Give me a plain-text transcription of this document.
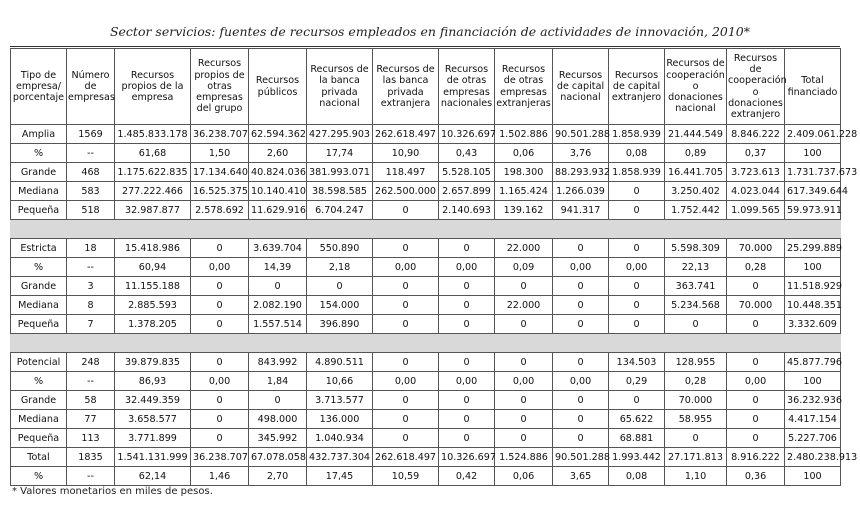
Sector servicios: fuentes de recursos empleados en financiación de actividades de innovación, 2010*
Tipo de empresa/ porcentaje	Número de empresas	Recursos propios de la empresa	Recursos propios de otras empresas del grupo	Recursos públicos	Recursos de la banca privada nacional	Recursos de las banca privada extranjera	Recursos de otras empresas nacionales	Recursos de otras empresas extranjeras	Recursos de capital nacional	Recursos de capital extranjero	Recursos de cooperación o donaciones nacional	Recursos de cooperación o donaciones extranjero	Total financiado
Amplia	1569	1.485.833.178	36.238.707	62.594.362	427.295.903	262.618.497	10.326.697	1.502.886	90.501.288	1.858.939	21.444.549	8.846.222	2.409.061.228
%	--	61,68	1,50	2,60	17,74	10,90	0,43	0,06	3,76	0,08	0,89	0,37	100
Grande	468	1.175.622.835	17.134.640	40.824.036	381.993.071	118.497	5.528.105	198.300	88.293.932	1.858.939	16.441.705	3.723.613	1.731.737.673
Mediana	583	277.222.466	16.525.375	10.140.410	38.598.585	262.500.000	2.657.899	1.165.424	1.266.039	0	3.250.402	4.023.044	617.349.644
Pequeña	518	32.987.877	2.578.692	11.629.916	6.704.247	0	2.140.693	139.162	941.317	0	1.752.442	1.099.565	59.973.911

Estricta	18	15.418.986	0	3.639.704	550.890	0	0	22.000	0	0	5.598.309	70.000	25.299.889
%	--	60,94	0,00	14,39	2,18	0,00	0,00	0,09	0,00	0,00	22,13	0,28	100
Grande	3	11.155.188	0	0	0	0	0	0	0	0	363.741	0	11.518.929
Mediana	8	2.885.593	0	2.082.190	154.000	0	0	22.000	0	0	5.234.568	70.000	10.448.351
Pequeña	7	1.378.205	0	1.557.514	396.890	0	0	0	0	0	0	0	3.332.609

Potencial	248	39.879.835	0	843.992	4.890.511	0	0	0	0	134.503	128.955	0	45.877.796
%	--	86,93	0,00	1,84	10,66	0,00	0,00	0,00	0,00	0,29	0,28	0,00	100
Grande	58	32.449.359	0	0	3.713.577	0	0	0	0	0	70.000	0	36.232.936
Mediana	77	3.658.577	0	498.000	136.000	0	0	0	0	65.622	58.955	0	4.417.154
Pequeña	113	3.771.899	0	345.992	1.040.934	0	0	0	0	68.881	0	0	5.227.706
Total	1835	1.541.131.999	36.238.707	67.078.058	432.737.304	262.618.497	10.326.697	1.524.886	90.501.288	1.993.442	27.171.813	8.916.222	2.480.238.913
%	--	62,14	1,46	2,70	17,45	10,59	0,42	0,06	3,65	0,08	1,10	0,36	100
* Valores monetarios en miles de pesos.
